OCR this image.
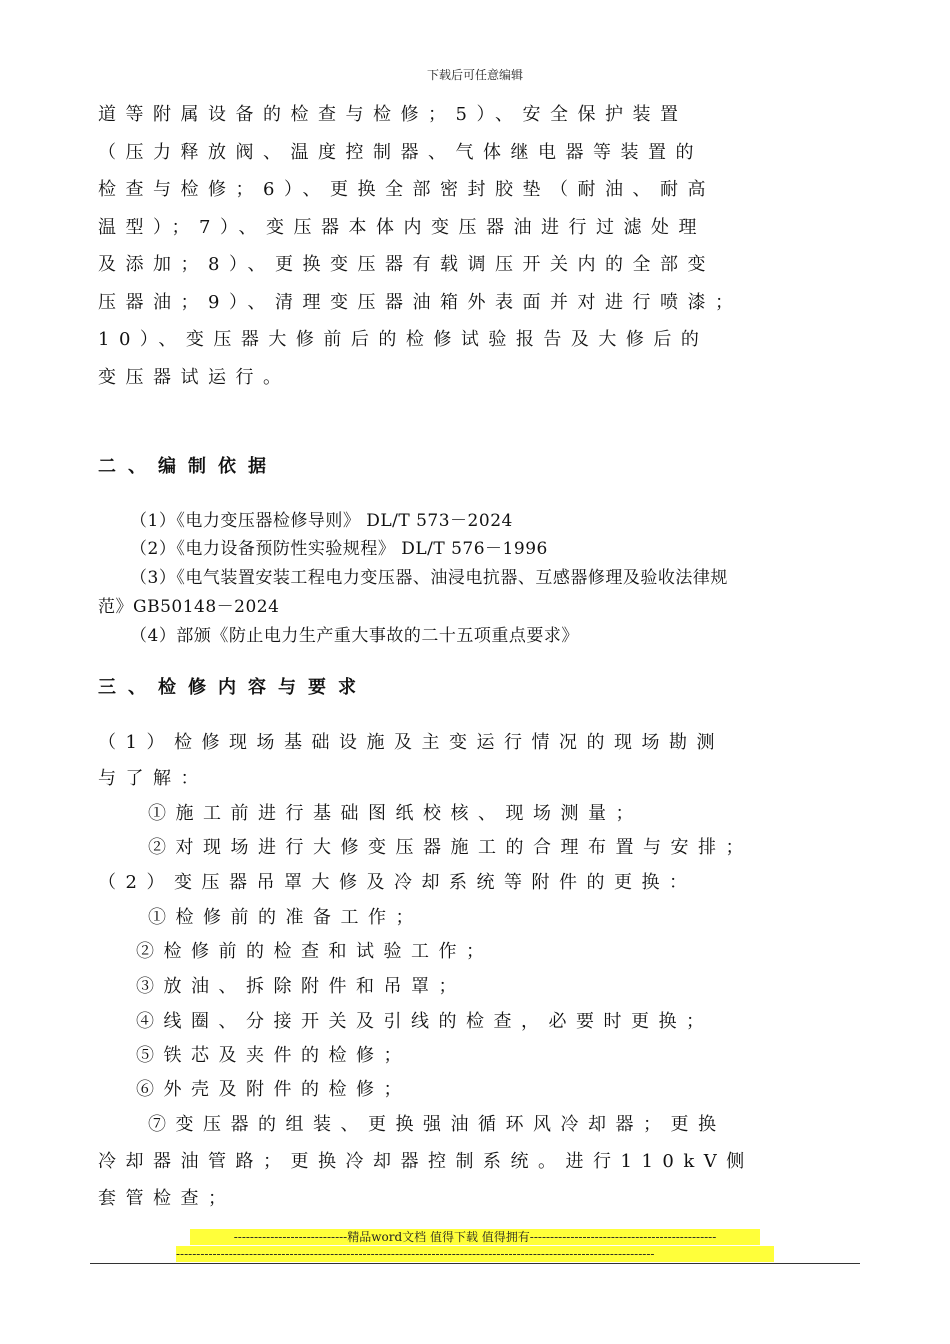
下载后可任意编辑
道等附属设备的检查与检修；5）、安全保护装置
（压力释放阀、温度控制器、气体继电器等装置的
检查与检修；6）、更换全部密封胶垫（耐油、耐高
温型）；7）、变压器本体内变压器油进行过滤处理
及添加；8）、更换变压器有载调压开关内的全部变
压器油；9）、清理变压器油箱外表面并对进行喷漆；
10）、变压器大修前后的检修试验报告及大修后的
变压器试运行。
二、编制依据
（1）《电力变压器检修导则》 DL/T 573－2024
（2）《电力设备预防性实验规程》 DL/T 576－1996
（3）《电气装置安装工程电力变压器、油浸电抗器、互感器修理及验收法律规
范》GB50148－2024
（4）部颁《防止电力生产重大事故的二十五项重点要求》
三、检修内容与要求
（1）检修现场基础设施及主变运行情况的现场勘测
与了解：
①施工前进行基础图纸校核、现场测量；
②对现场进行大修变压器施工的合理布置与安排；
（2）变压器吊罩大修及冷却系统等附件的更换：
①检修前的准备工作；
②检修前的检查和试验工作；
③放油、拆除附件和吊罩；
④线圈、分接开关及引线的检查，必要时更换；
⑤铁芯及夹件的检修；
⑥外壳及附件的检修；
⑦变压器的组装、更换强油循环风冷却器；更换
冷却器油管路；更换冷却器控制系统。进行110kV侧
套管检查；
----------------------------精品word文档 值得下载 值得拥有----------------------------------------------
----------------------------------------------------------------------------------------------------------------------
